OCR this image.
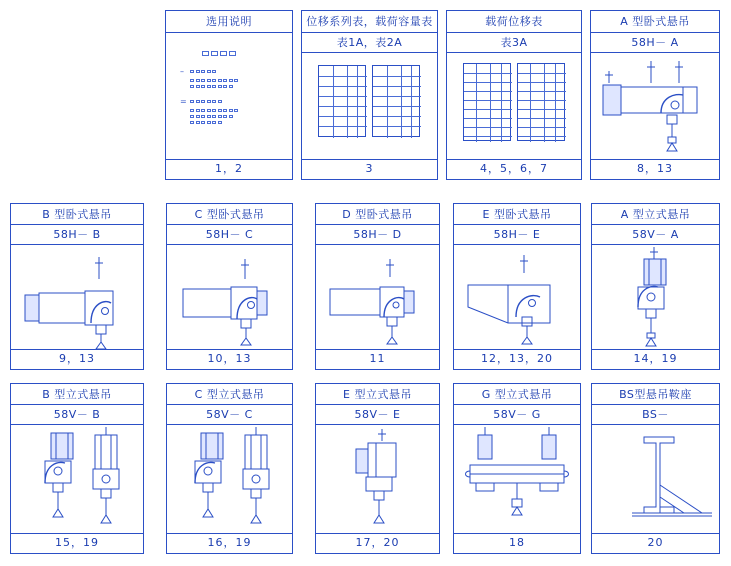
选用说明
–
=
1，2
位移系列表，载荷容量表
表1A，表2A
3
载荷位移表
表3A
4，5，6，7
A 型卧式悬吊
58H－ A
8，13
B 型卧式悬吊
58H－ B
9，13
C 型卧式悬吊
58H－ C
10，13
D 型卧式悬吊
58H－ D
11
E 型卧式悬吊
58H－ E
12，13，20
A 型立式悬吊
58V－ A
14，19
B 型立式悬吊
58V－ B
15，19
C 型立式悬吊
58V－ C
16，19
E 型立式悬吊
58V－ E
17，20
G 型立式悬吊
58V－ G
18
BS型悬吊鞍座
BS－
20
